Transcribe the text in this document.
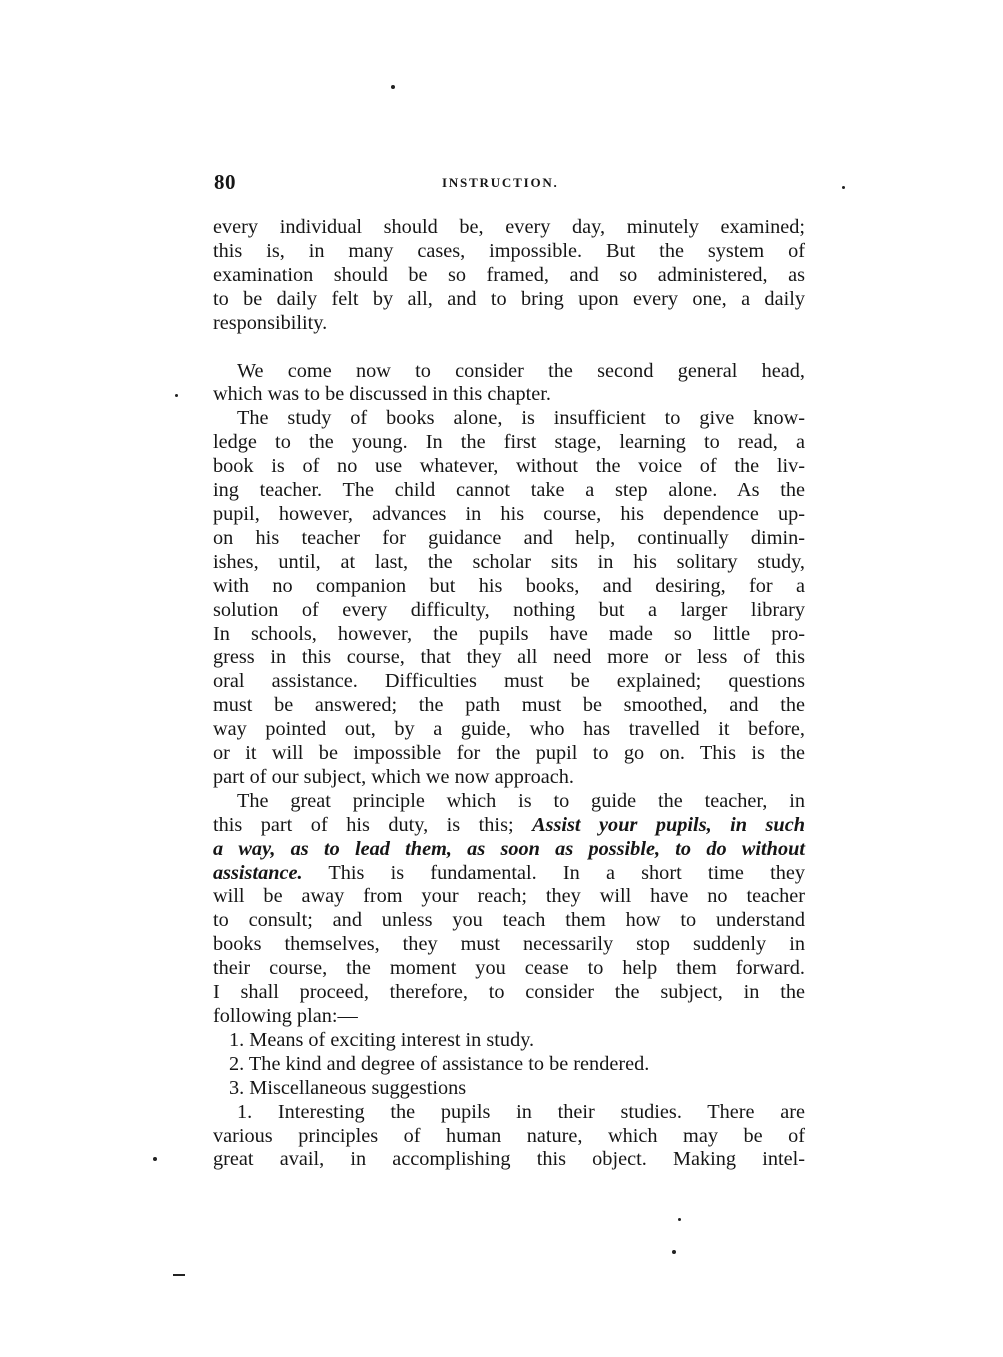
80	INSTRUCTION.

every individual should be, every day, minutely examined;

this is, in many cases, impossible. But the system of

examination should be so framed, and so administered, as

to be daily felt by all, and to bring upon every one, a daily

responsibility.

We come now to consider the second general head,

which was to be discussed in this chapter.

The study of books alone, is insufficient to give know-

ledge to the young. In the first stage, learning to read, a

book is of no use whatever, without the voice of the liv-

ing teacher. The child cannot take a step alone. As the

pupil, however, advances in his course, his dependence up-

on his teacher for guidance and help, continually dimin-

ishes, until, at last, the scholar sits in his solitary study,

with no companion but his books, and desiring, for a

solution of every difficulty, nothing but a larger library

In schools, however, the pupils have made so little pro-

gress in this course, that they all need more or less of this

oral assistance. Difficulties must be explained; questions

must be answered; the path must be smoothed, and the

way pointed out, by a guide, who has travelled it before,

or it will be impossible for the pupil to go on. This is the

part of our subject, which we now approach.

The great principle which is to guide the teacher, in

this part of his duty, is this; Assist your pupils, in such

a way, as to lead them, as soon as possible, to do without

assistance. This is fundamental. In a short time they

will be away from your reach; they will have no teacher

to consult; and unless you teach them how to understand

books themselves, they must necessarily stop suddenly in

their course, the moment you cease to help them forward.

I shall proceed, therefore, to consider the subject, in the

following plan:—

1. Means of exciting interest in study.

2. The kind and degree of assistance to be rendered.

3. Miscellaneous suggestions

1. Interesting the pupils in their studies. There are

various principles of human nature, which may be of

great avail, in accomplishing this object. Making intel-
